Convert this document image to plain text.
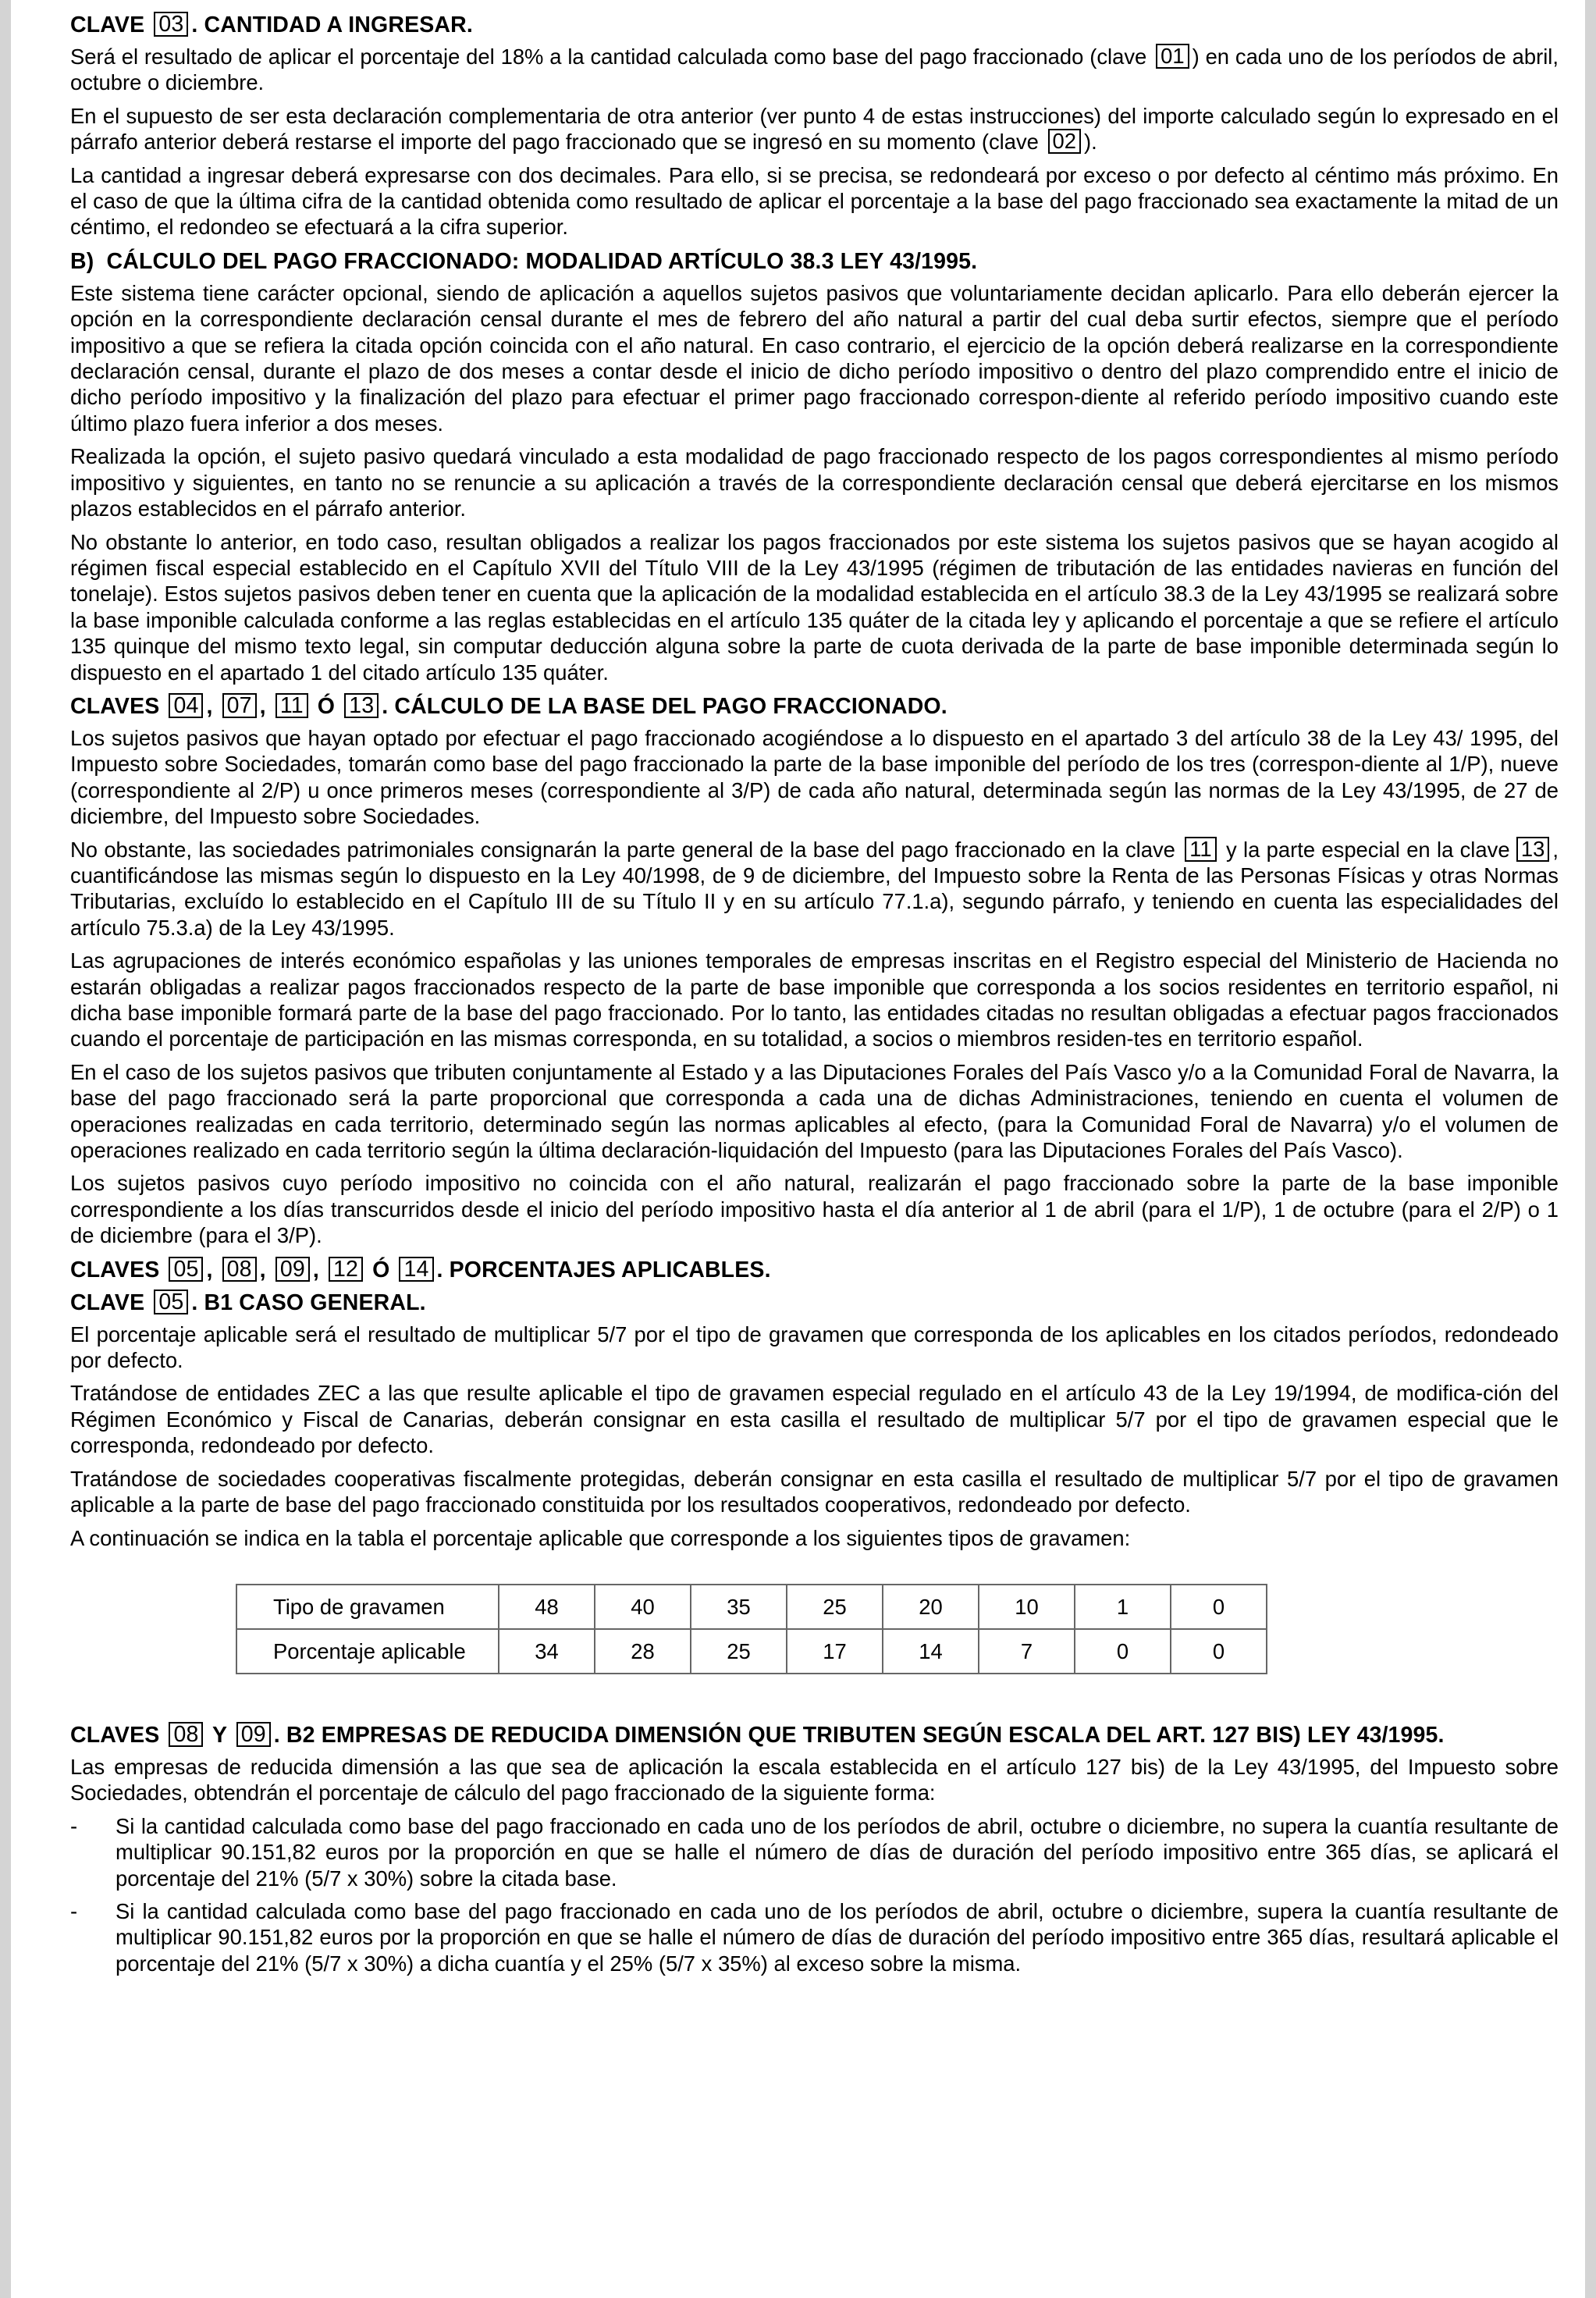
CLAVE 03 . CANTIDAD A INGRESAR.

Será el resultado de aplicar el porcentaje del 18% a la cantidad calculada como base del pago fraccionado (clave 01 ) en cada uno de los períodos de abril, octubre o diciembre.

En el supuesto de ser esta declaración complementaria de otra anterior (ver punto 4 de estas instrucciones) del importe calculado según lo expresado en el párrafo anterior deberá restarse el importe del pago fraccionado que se ingresó en su momento (clave 02 ).

La cantidad a ingresar deberá expresarse con dos decimales. Para ello, si se precisa, se redondeará por exceso o por defecto al céntimo más próximo. En el caso de que la última cifra de la cantidad obtenida como resultado de aplicar el porcentaje a la base del pago fraccionado sea exactamente la mitad de un céntimo, el redondeo se efectuará a la cifra superior.

B)  CÁLCULO DEL PAGO FRACCIONADO: MODALIDAD ARTÍCULO 38.3 LEY 43/1995.

Este sistema tiene carácter opcional, siendo de aplicación a aquellos sujetos pasivos que voluntariamente decidan aplicarlo. Para ello deberán ejercer la opción en la correspondiente declaración censal durante el mes de febrero del año natural a partir del cual deba surtir efectos, siempre que el período impositivo a que se refiera la citada opción coincida con el año natural. En caso contrario, el ejercicio de la opción deberá realizarse en la correspondiente declaración censal, durante el plazo de dos meses a contar desde el inicio de dicho período impositivo o dentro del plazo comprendido entre el inicio de dicho período impositivo y la finalización del plazo para efectuar el primer pago fraccionado correspon-diente al referido período impositivo cuando este último plazo fuera inferior a dos meses.

Realizada la opción, el sujeto pasivo quedará vinculado a esta modalidad de pago fraccionado respecto de los pagos correspondientes al mismo período impositivo y siguientes, en tanto no se renuncie a su aplicación a través de la correspondiente declaración censal que deberá ejercitarse en los mismos plazos establecidos en el párrafo anterior.

No obstante lo anterior, en todo caso, resultan obligados a realizar los pagos fraccionados por este sistema los sujetos pasivos que se hayan acogido al régimen fiscal especial establecido en el Capítulo XVII del Título VIII de la Ley 43/1995 (régimen de tributación de las entidades navieras en función del tonelaje). Estos sujetos pasivos deben tener en cuenta que la aplicación de la modalidad establecida en el artículo 38.3 de la Ley 43/1995 se realizará sobre la base imponible calculada conforme a las reglas establecidas en el artículo 135 quáter de la citada ley y aplicando el porcentaje a que se refiere el artículo 135 quinque del mismo texto legal, sin computar deducción alguna sobre la parte de cuota derivada de la parte de base imponible determinada según lo dispuesto en el apartado 1 del citado artículo 135 quáter.

CLAVES 04 , 07 , 11 Ó 13 . CÁLCULO DE LA BASE DEL PAGO FRACCIONADO.

Los sujetos pasivos que hayan optado por efectuar el pago fraccionado acogiéndose a lo dispuesto en el apartado 3 del artículo 38 de la Ley 43/ 1995, del Impuesto sobre Sociedades, tomarán como base del pago fraccionado la parte de la base imponible del período de los tres (correspon-diente al 1/P), nueve (correspondiente al 2/P) u once primeros meses (correspondiente al 3/P) de cada año natural, determinada según las normas de la Ley 43/1995, de 27 de diciembre, del Impuesto sobre Sociedades.

No obstante, las sociedades patrimoniales consignarán la parte general de la base del pago fraccionado en la clave 11 y la parte especial en la clave 13 , cuantificándose las mismas según lo dispuesto en la Ley 40/1998, de 9 de diciembre, del Impuesto sobre la Renta de las Personas Físicas y otras Normas Tributarias, excluído lo establecido en el Capítulo III de su Título II y en su artículo 77.1.a), segundo párrafo, y teniendo en cuenta las especialidades del artículo 75.3.a) de la Ley 43/1995.

Las agrupaciones de interés económico españolas y las uniones temporales de empresas inscritas en el Registro especial del Ministerio de Hacienda no estarán obligadas a realizar pagos fraccionados respecto de la parte de base imponible que corresponda a los socios residentes en territorio español, ni dicha base imponible formará parte de la base del pago fraccionado. Por lo tanto, las entidades citadas no resultan obligadas a efectuar pagos fraccionados cuando el porcentaje de participación en las mismas corresponda, en su totalidad, a socios o miembros residen-tes en territorio español.

En el caso de los sujetos pasivos que tributen conjuntamente al Estado y a las Diputaciones Forales del País Vasco y/o a la Comunidad Foral de Navarra, la base del pago fraccionado será la parte proporcional que corresponda a cada una de dichas Administraciones, teniendo en cuenta el volumen de operaciones realizadas en cada territorio, determinado según las normas aplicables al efecto, (para la Comunidad Foral de Navarra) y/o el volumen de operaciones realizado en cada territorio según la última declaración-liquidación del Impuesto (para las Diputaciones Forales del País Vasco).

Los sujetos pasivos cuyo período impositivo no coincida con el año natural, realizarán el pago fraccionado sobre la parte de la base imponible correspondiente a los días transcurridos desde el inicio del período impositivo hasta el día anterior al 1 de abril (para el 1/P), 1 de octubre (para el 2/P) o 1 de diciembre (para el 3/P).

CLAVES 05 , 08 , 09 , 12 Ó 14 . PORCENTAJES APLICABLES.
CLAVE 05 . B1 CASO GENERAL.

El porcentaje aplicable será el resultado de multiplicar 5/7 por el tipo de gravamen que corresponda de los aplicables en los citados períodos, redondeado por defecto.

Tratándose de entidades ZEC a las que resulte aplicable el tipo de gravamen especial regulado en el artículo 43 de la Ley 19/1994, de modifica-ción del Régimen Económico y Fiscal de Canarias, deberán consignar en esta casilla el resultado de multiplicar 5/7 por el tipo de gravamen especial que le corresponda, redondeado por defecto.

Tratándose de sociedades cooperativas fiscalmente protegidas, deberán consignar en esta casilla el resultado de multiplicar 5/7 por el tipo de gravamen aplicable a la parte de base del pago fraccionado constituida por los resultados cooperativos, redondeado por defecto.

A continuación se indica en la tabla el porcentaje aplicable que corresponde a los siguientes tipos de gravamen:

Tipo de gravamen	48	40	35	25	20	10	1	0
Porcentaje aplicable	34	28	25	17	14	7	0	0
CLAVES 08 Y 09 . B2 EMPRESAS DE REDUCIDA DIMENSIÓN QUE TRIBUTEN SEGÚN ESCALA DEL ART. 127 BIS) LEY 43/1995.

Las empresas de reducida dimensión a las que sea de aplicación la escala establecida en el artículo 127 bis) de la Ley 43/1995, del Impuesto sobre Sociedades, obtendrán el porcentaje de cálculo del pago fraccionado de la siguiente forma:

-	Si la cantidad calculada como base del pago fraccionado en cada uno de los períodos de abril, octubre o diciembre, no supera la cuantía resultante de multiplicar 90.151,82 euros por la proporción en que se halle el número de días de duración del período impositivo entre 365 días, se aplicará el porcentaje del 21% (5/7 x 30%) sobre la citada base.
-	Si la cantidad calculada como base del pago fraccionado en cada uno de los períodos de abril, octubre o diciembre, supera la cuantía resultante de multiplicar 90.151,82 euros por la proporción en que se halle el número de días de duración del período impositivo entre 365 días, resultará aplicable el porcentaje del 21% (5/7 x 30%) a dicha cuantía y el 25% (5/7 x 35%) al exceso sobre la misma.
